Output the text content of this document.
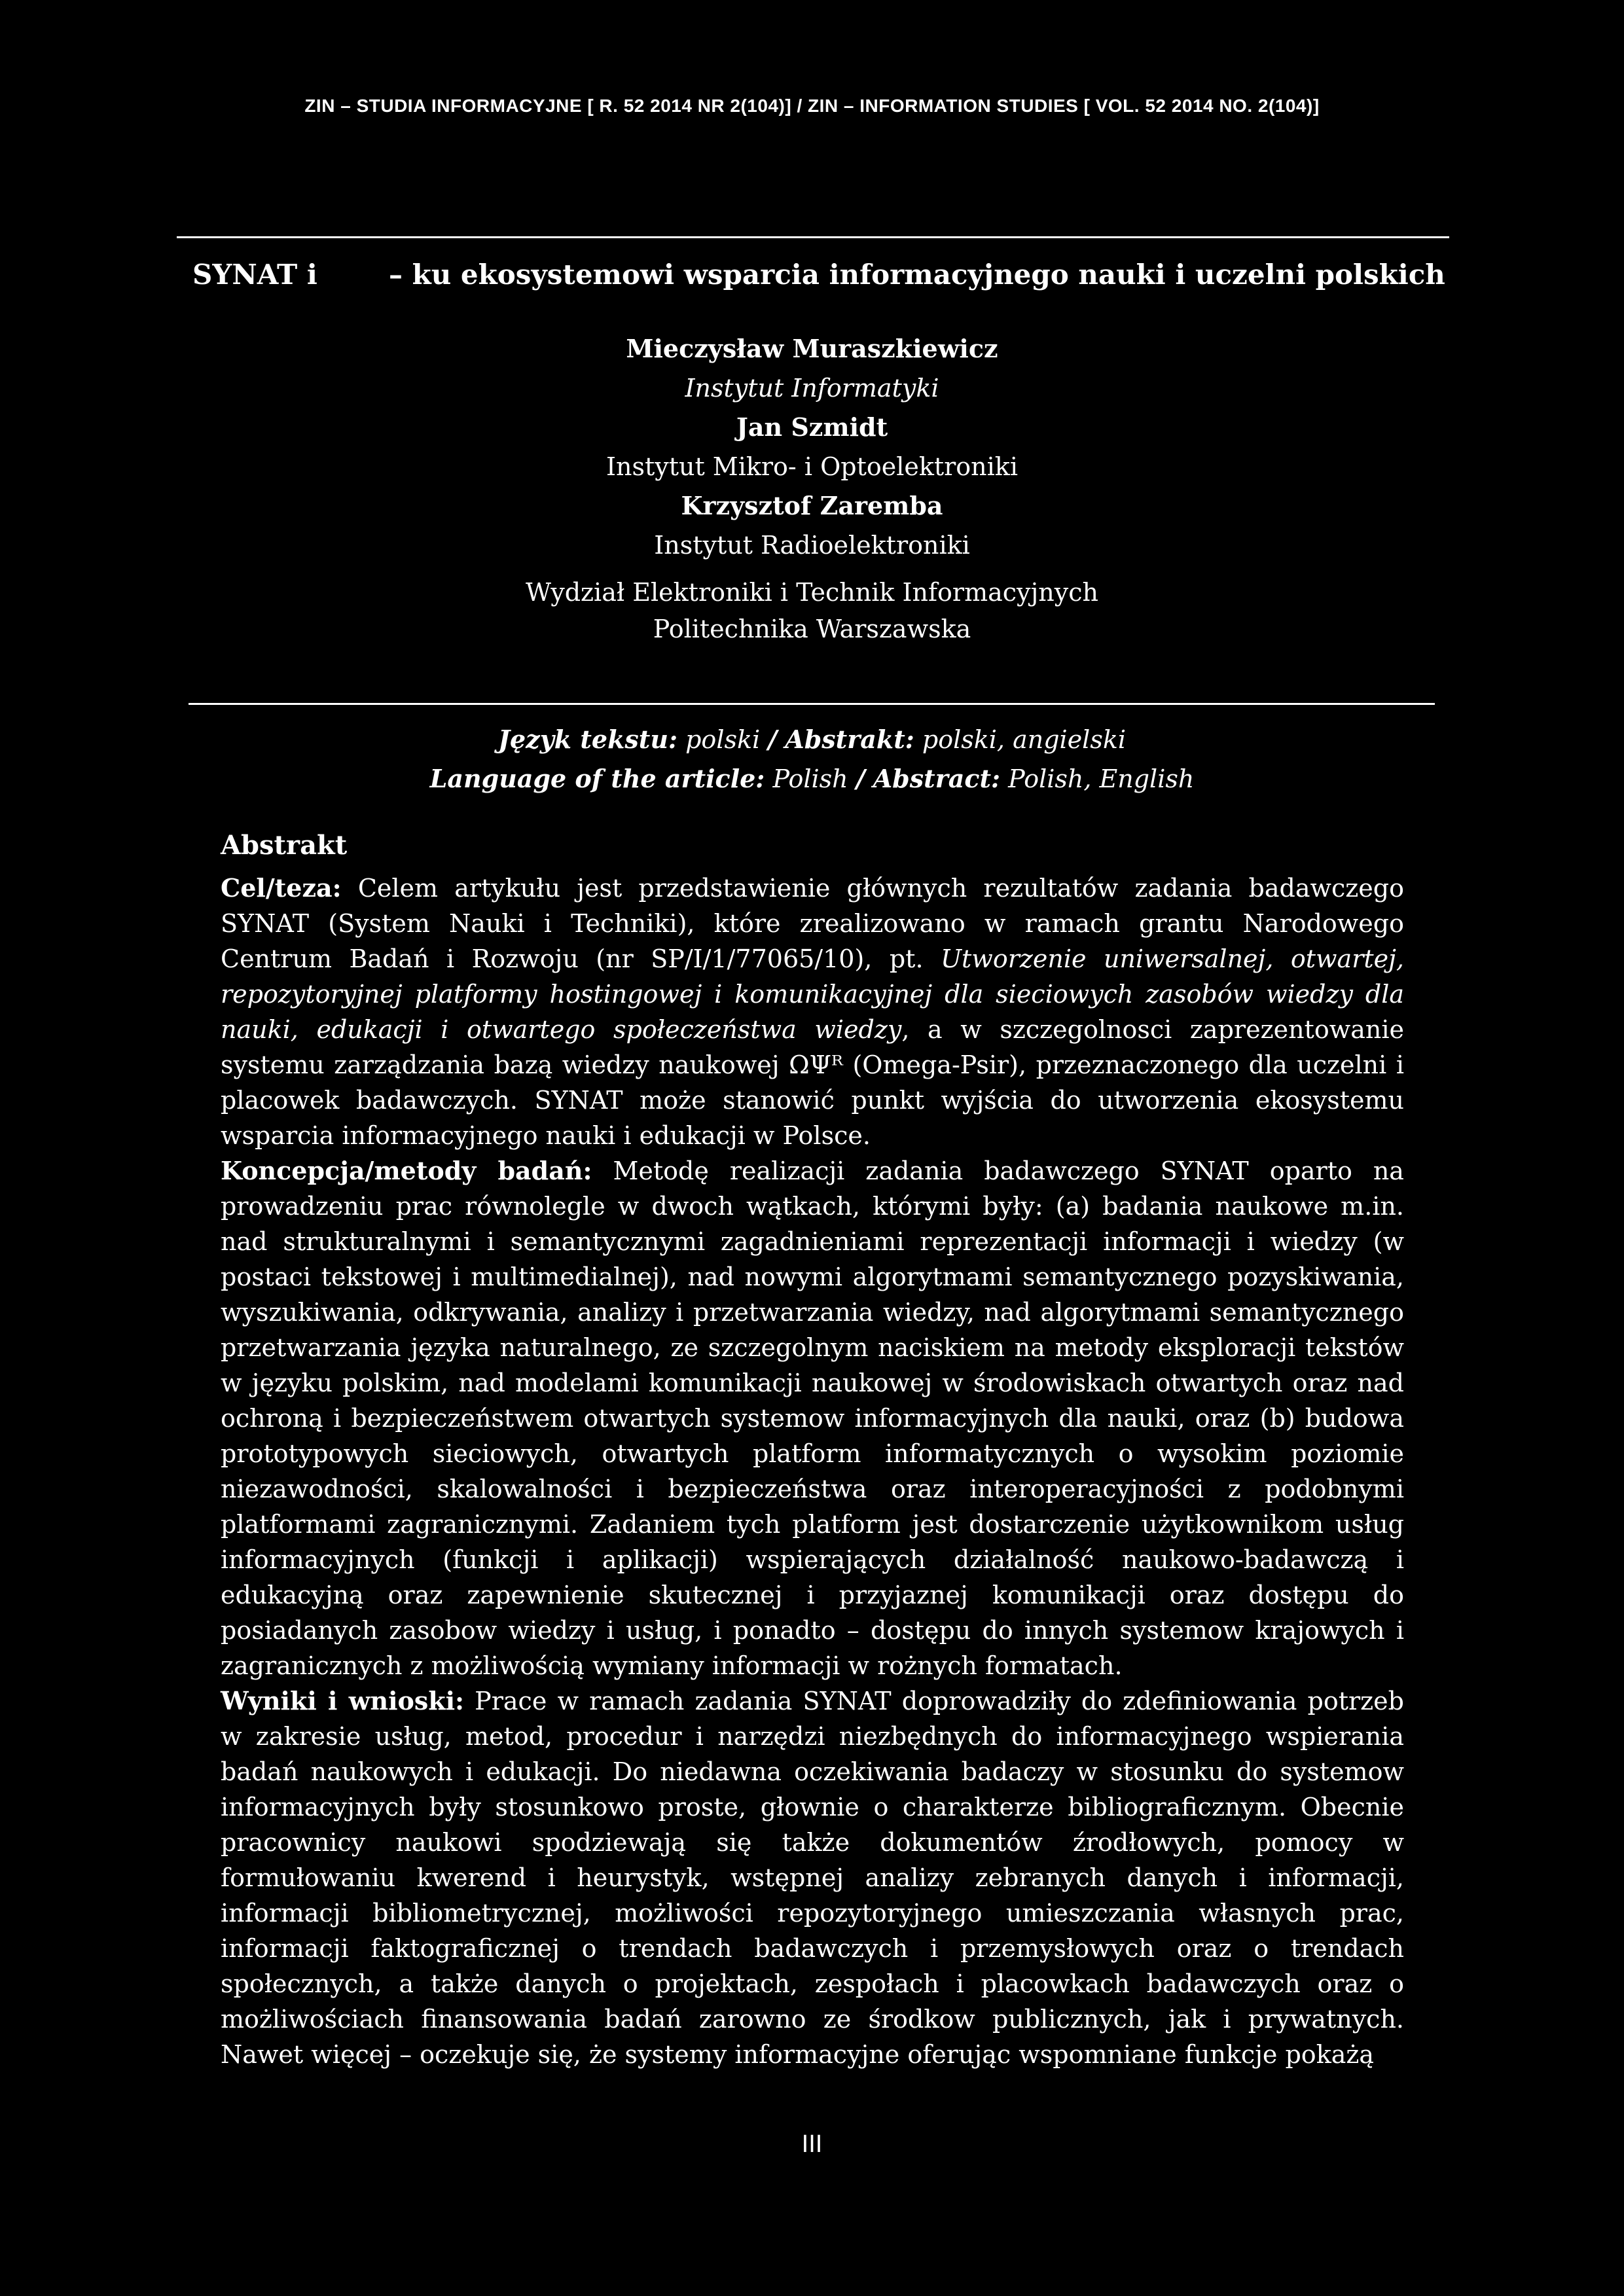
ZIN – STUDIA INFORMACYJNE [ R. 52 2014 NR 2(104)] / ZIN – INFORMATION STUDIES [ VOL. 52 2014 NO. 2(104)]
SYNAT i	– ku ekosystemowi wsparcia informacyjnego nauki i uczelni polskich
Mieczysław Muraszkiewicz
Instytut Informatyki
Jan Szmidt
Instytut Mikro- i Optoelektroniki
Krzysztof Zaremba
Instytut Radioelektroniki
Wydział Elektroniki i Technik Informacyjnych
Politechnika Warszawska
Język tekstu: polski / Abstrakt: polski, angielski
Language of the article: Polish / Abstract: Polish, English
Abstrakt

Cel/teza: Celem artykułu jest przedstawienie głównych rezultatów zadania badawczego SYNAT (System Nauki i Techniki), które zrealizowano w ramach grantu Narodowego Centrum Badań i Rozwoju (nr SP/I/1/77065/10), pt. Utworzenie uniwersalnej, otwartej, repozytoryjnej platformy hostingowej i komunikacyjnej dla sieciowych zasobów wiedzy dla nauki, edukacji i otwartego społeczeństwa wiedzy, a w szczegolnosci zaprezentowanie systemu zarządzania bazą wiedzy naukowej ΩΨᴿ (Omega-Psir), przeznaczonego dla uczelni i placowek badawczych. SYNAT może stanowić punkt wyjścia do utworzenia ekosystemu wsparcia informacyjnego nauki i edukacji w Polsce.

Koncepcja/metody badań: Metodę realizacji zadania badawczego SYNAT oparto na prowadzeniu prac równolegle w dwoch wątkach, którymi były: (a) badania naukowe m.in. nad strukturalnymi i semantycznymi zagadnieniami reprezentacji informacji i wiedzy (w postaci tekstowej i multimedialnej), nad nowymi algorytmami semantycznego pozyskiwania, wyszukiwania, odkrywania, analizy i przetwarzania wiedzy, nad algorytmami semantycznego przetwarzania języka naturalnego, ze szczegolnym naciskiem na metody eksploracji tekstów w języku polskim, nad modelami komunikacji naukowej w środowiskach otwartych oraz nad ochroną i bezpieczeństwem otwartych systemow informacyjnych dla nauki, oraz (b) budowa prototypowych sieciowych, otwartych platform informatycznych o wysokim poziomie niezawodności, skalowalności i bezpieczeństwa oraz interoperacyjności z podobnymi platformami zagranicznymi. Zadaniem tych platform jest dostarczenie użytkownikom usług informacyjnych (funkcji i aplikacji) wspierających działalność naukowo-badawczą i edukacyjną oraz zapewnienie skutecznej i przyjaznej komunikacji oraz dostępu do posiadanych zasobow wiedzy i usług, i ponadto – dostępu do innych systemow krajowych i zagranicznych z możliwością wymiany informacji w rożnych formatach.

Wyniki i wnioski: Prace w ramach zadania SYNAT doprowadziły do zdefiniowania potrzeb w zakresie usług, metod, procedur i narzędzi niezbędnych do informacyjnego wspierania badań naukowych i edukacji. Do niedawna oczekiwania badaczy w stosunku do systemow informacyjnych były stosunkowo proste, głownie o charakterze bibliograficznym. Obecnie pracownicy naukowi spodziewają się także dokumentów źrodłowych, pomocy w formułowaniu kwerend i heurystyk, wstępnej analizy zebranych danych i informacji, informacji bibliometrycznej, możliwości repozytoryjnego umieszczania własnych prac, informacji faktograficznej o trendach badawczych i przemysłowych oraz o trendach społecznych, a także danych o projektach, zespołach i placowkach badawczych oraz o możliwościach finansowania badań zarowno ze środkow publicznych, jak i prywatnych. Nawet więcej – oczekuje się, że systemy informacyjne oferując wspomniane funkcje pokażą

III
